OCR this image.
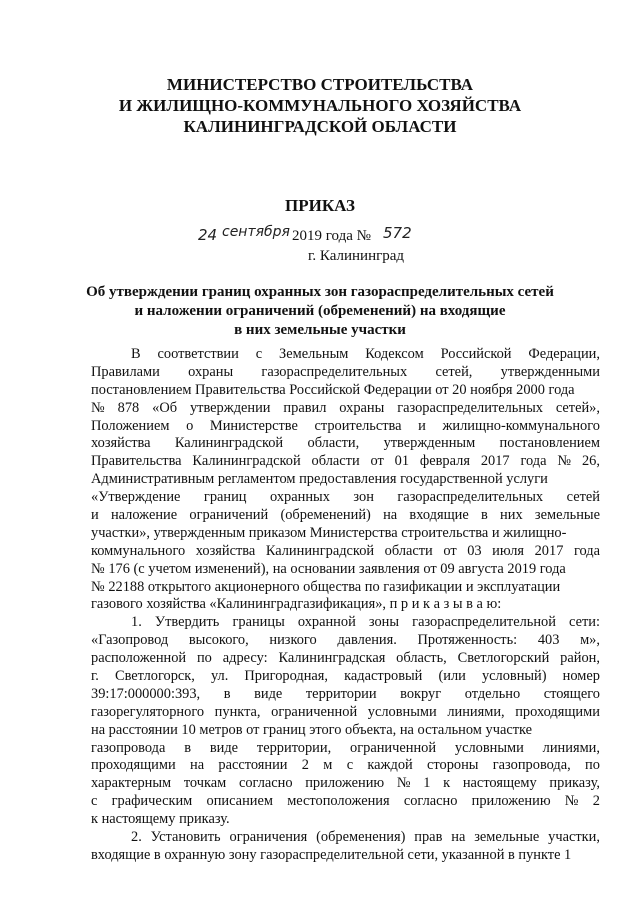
МИНИСТЕРСТВО СТРОИТЕЛЬСТВА
И ЖИЛИЩНО-КОММУНАЛЬНОГО ХОЗЯЙСТВА
КАЛИНИНГРАДСКОЙ ОБЛАСТИ
ПРИКАЗ
24 сентября 2019 года № 572
г. Калининград
Об утверждении границ охранных зон газораспределительных сетей
и наложении ограничений (обременений) на входящие
в них земельные участки
В соответствии с Земельным Кодексом Российской Федерации,
Правилами охраны газораспределительных сетей, утвержденными
постановлением Правительства Российской Федерации от 20 ноября 2000 года
№ 878 «Об утверждении правил охраны газораспределительных сетей»,
Положением о Министерстве строительства и жилищно-коммунального
хозяйства Калининградской области, утвержденным постановлением
Правительства Калининградской области от 01 февраля 2017 года № 26,
Административным регламентом предоставления государственной услуги
«Утверждение границ охранных зон газораспределительных сетей
и наложение ограничений (обременений) на входящие в них земельные
участки», утвержденным приказом Министерства строительства и жилищно-
коммунального хозяйства Калининградской области от 03 июля 2017 года
№ 176 (с учетом изменений), на основании заявления от 09 августа 2019 года
№ 22188 открытого акционерного общества по газификации и эксплуатации
газового хозяйства «Калининградгазификация», п р и к а з ы в а ю:
1. Утвердить границы охранной зоны газораспределительной сети:
«Газопровод высокого, низкого давления. Протяженность: 403 м»,
расположенной по адресу: Калининградская область, Светлогорский район,
г. Светлогорск, ул. Пригородная, кадастровый (или условный) номер
39:17:000000:393, в виде территории вокруг отдельно стоящего
газорегуляторного пункта, ограниченной условными линиями, проходящими
на расстоянии 10 метров от границ этого объекта, на остальном участке
газопровода в виде территории, ограниченной условными линиями,
проходящими на расстоянии 2 м с каждой стороны газопровода, по
характерным точкам согласно приложению № 1 к настоящему приказу,
с графическим описанием местоположения согласно приложению № 2
к настоящему приказу.
2. Установить ограничения (обременения) прав на земельные участки,
входящие в охранную зону газораспределительной сети, указанной в пункте 1
